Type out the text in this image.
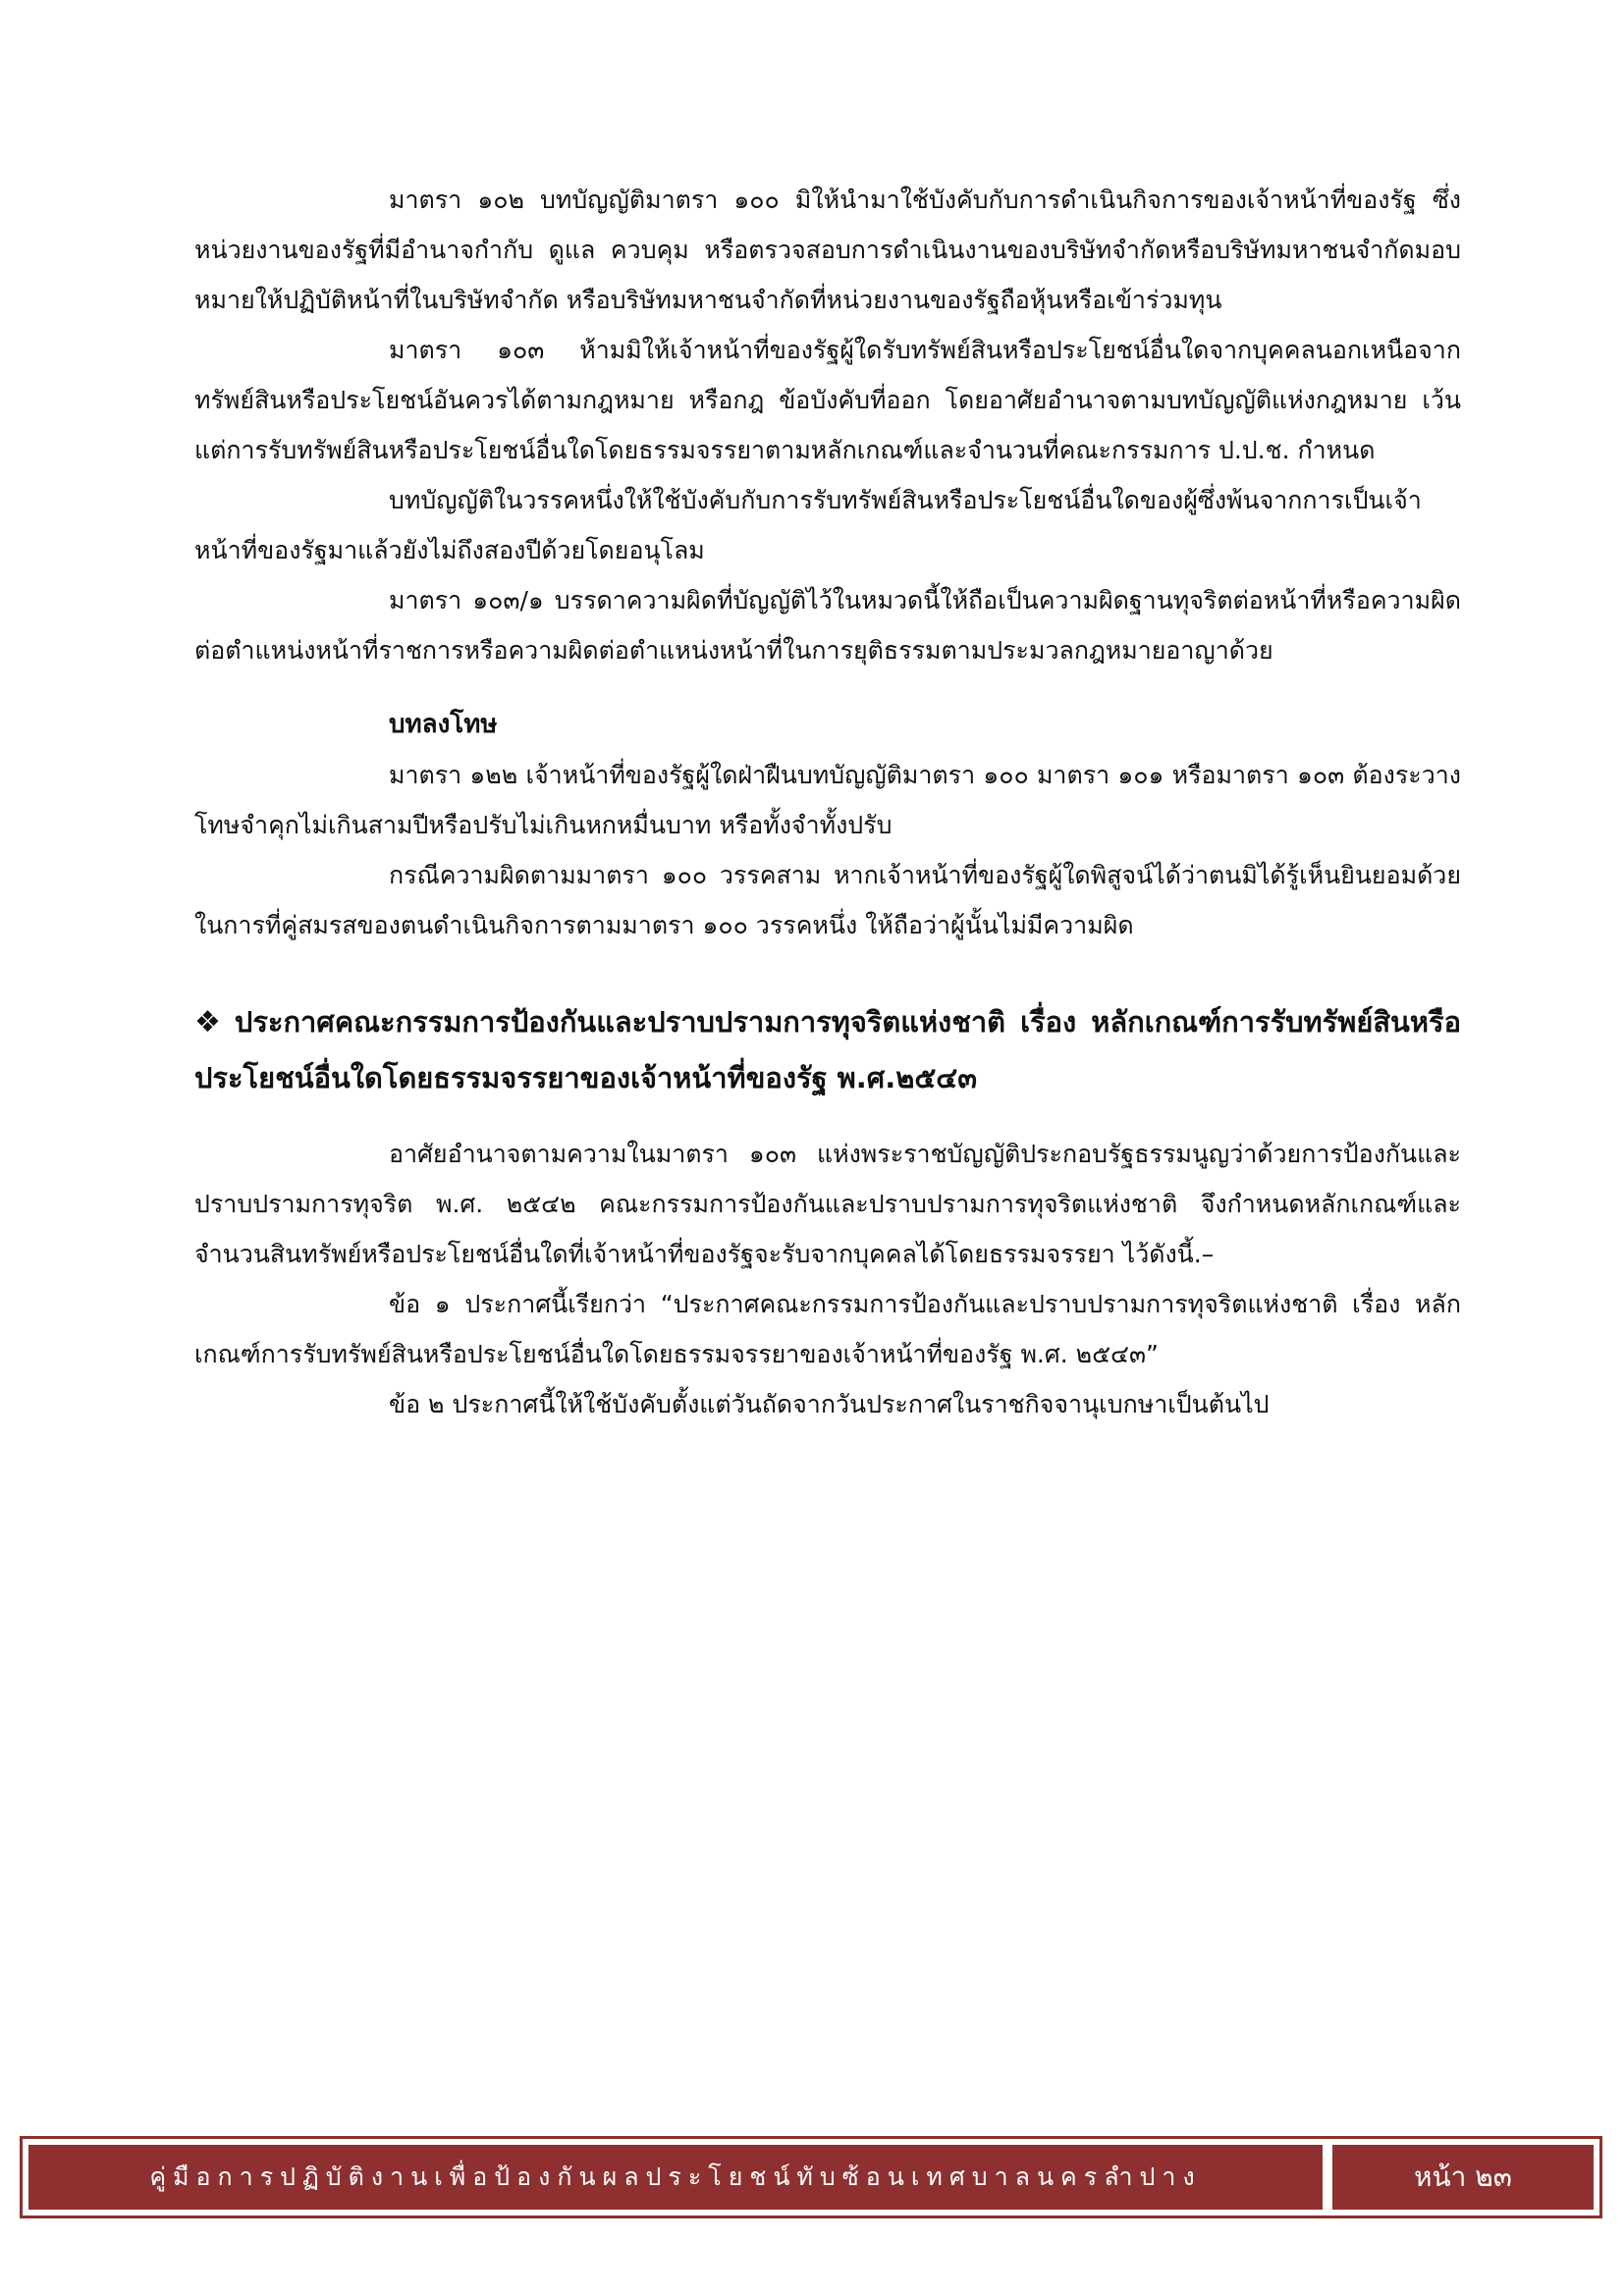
มาตรา ๑๐๒ บทบัญญัติมาตรา ๑๐๐ มิให้นำมาใช้บังคับกับการดำเนินกิจการของเจ้าหน้าที่ของรัฐ ซึ่งหน่วยงานของรัฐที่มีอำนาจกำกับ ดูแล ควบคุม หรือตรวจสอบการดำเนินงานของบริษัทจำกัดหรือบริษัทมหาชนจำกัดมอบหมายให้ปฏิบัติหน้าที่ในบริษัทจำกัด หรือบริษัทมหาชนจำกัดที่หน่วยงานของรัฐถือหุ้นหรือเข้าร่วมทุน

มาตรา ๑๐๓ ห้ามมิให้เจ้าหน้าที่ของรัฐผู้ใดรับทรัพย์สินหรือประโยชน์อื่นใดจากบุคคลนอกเหนือจากทรัพย์สินหรือประโยชน์อันควรได้ตามกฎหมาย หรือกฎ ข้อบังคับที่ออก โดยอาศัยอำนาจตามบทบัญญัติแห่งกฎหมาย เว้นแต่การรับทรัพย์สินหรือประโยชน์อื่นใดโดยธรรมจรรยาตามหลักเกณฑ์และจำนวนที่คณะกรรมการ ป.ป.ช. กำหนด

บทบัญญัติในวรรคหนึ่งให้ใช้บังคับกับการรับทรัพย์สินหรือประโยชน์อื่นใดของผู้ซึ่งพ้นจากการเป็นเจ้าหน้าที่ของรัฐมาแล้วยังไม่ถึงสองปีด้วยโดยอนุโลม

มาตรา ๑๐๓/๑ บรรดาความผิดที่บัญญัติไว้ในหมวดนี้ให้ถือเป็นความผิดฐานทุจริตต่อหน้าที่หรือความผิดต่อตำแหน่งหน้าที่ราชการหรือความผิดต่อตำแหน่งหน้าที่ในการยุติธรรมตามประมวลกฎหมายอาญาด้วย

บทลงโทษ

มาตรา ๑๒๒ เจ้าหน้าที่ของรัฐผู้ใดฝ่าฝืนบทบัญญัติมาตรา ๑๐๐ มาตรา ๑๐๑ หรือมาตรา ๑๐๓ ต้องระวางโทษจำคุกไม่เกินสามปีหรือปรับไม่เกินหกหมื่นบาท หรือทั้งจำทั้งปรับ

กรณีความผิดตามมาตรา ๑๐๐ วรรคสาม หากเจ้าหน้าที่ของรัฐผู้ใดพิสูจน์ได้ว่าตนมิได้รู้เห็นยินยอมด้วยในการที่คู่สมรสของตนดำเนินกิจการตามมาตรา ๑๐๐ วรรคหนึ่ง ให้ถือว่าผู้นั้นไม่มีความผิด

❖ ประกาศคณะกรรมการป้องกันและปราบปรามการทุจริตแห่งชาติ เรื่อง หลักเกณฑ์การรับทรัพย์สินหรือประโยชน์อื่นใดโดยธรรมจรรยาของเจ้าหน้าที่ของรัฐ พ.ศ.๒๕๔๓

อาศัยอำนาจตามความในมาตรา ๑๐๓ แห่งพระราชบัญญัติประกอบรัฐธรรมนูญว่าด้วยการป้องกันและปราบปรามการทุจริต พ.ศ. ๒๕๔๒ คณะกรรมการป้องกันและปราบปรามการทุจริตแห่งชาติ จึงกำหนดหลักเกณฑ์และจำนวนสินทรัพย์หรือประโยชน์อื่นใดที่เจ้าหน้าที่ของรัฐจะรับจากบุคคลได้โดยธรรมจรรยา ไว้ดังนี้.–

ข้อ ๑ ประกาศนี้เรียกว่า “ประกาศคณะกรรมการป้องกันและปราบปรามการทุจริตแห่งชาติ เรื่อง หลักเกณฑ์การรับทรัพย์สินหรือประโยชน์อื่นใดโดยธรรมจรรยาของเจ้าหน้าที่ของรัฐ พ.ศ. ๒๕๔๓”

ข้อ ๒ ประกาศนี้ให้ใช้บังคับตั้งแต่วันถัดจากวันประกาศในราชกิจจานุเบกษาเป็นต้นไป

คู่มือการปฏิบัติงานเพื่อป้องกันผลประโยชน์ทับซ้อนเทศบาลนครลำปาง	หน้า ๒๓
